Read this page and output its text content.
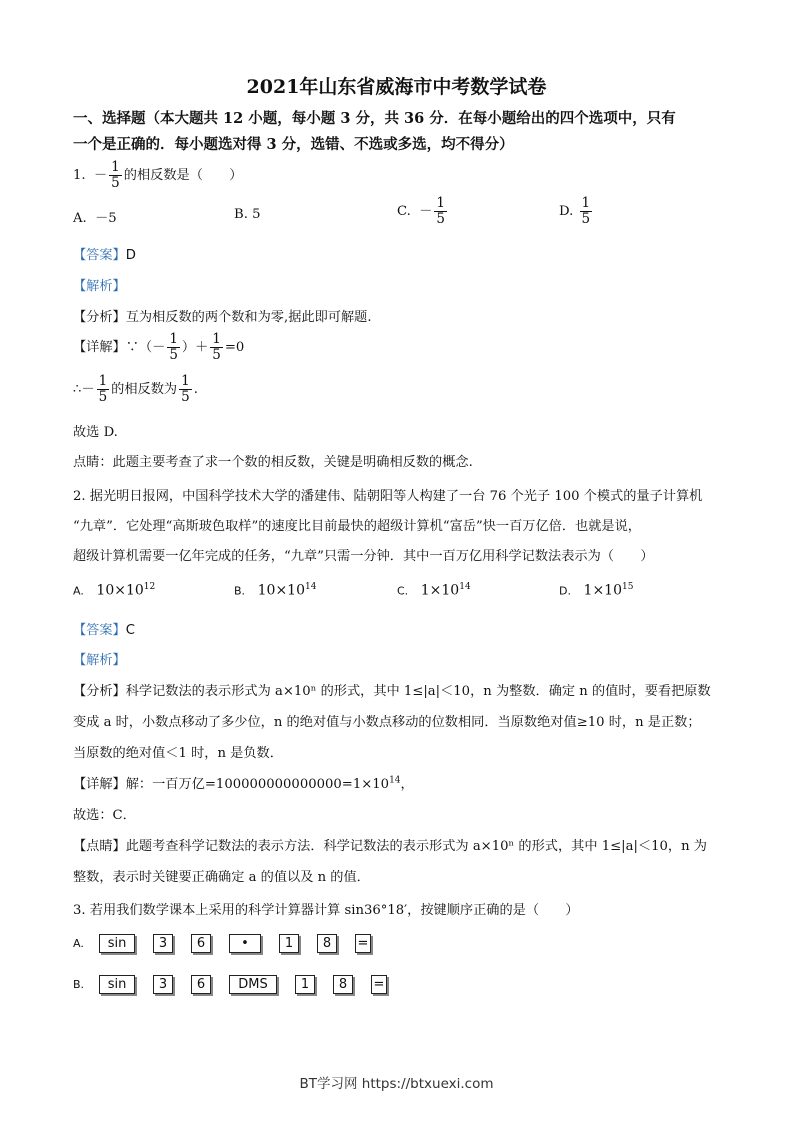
2021年山东省威海市中考数学试卷
一、选择题（本大题共 12 小题，每小题 3 分，共 36 分．在每小题给出的四个选项中，只有
一个是正确的．每小题选对得 3 分，选错、不选或多选，均不得分）
1. － $\frac{1}{5}$ 的相反数是（　　）
A. －5	B. 5	C. － $\frac{1}{5}$	D. $\frac{1}{5}$
【答案】D
【解析】
【分析】互为相反数的两个数和为零,据此即可解题.
【详解】∵（－ $\frac{1}{5}$ ）＋ $\frac{1}{5} =0$
∴－ $\frac{1}{5}$ 的相反数为 $\frac{1}{5}$ .
故选 D.
点睛：此题主要考查了求一个数的相反数，关键是明确相反数的概念.
2. 据光明日报网，中国科学技术大学的潘建伟、陆朝阳等人构建了一台 76 个光子 100 个模式的量子计算机
“九章”．它处理“高斯玻色取样”的速度比目前最快的超级计算机“富岳”快一百万亿倍．也就是说，
超级计算机需要一亿年完成的任务，“九章”只需一分钟．其中一百万亿用科学记数法表示为（　　）
A. $10\times 10^{12}$	B. $10\times 10^{14}$	C. $1\times 10^{14}$	D. $1\times 10^{15}$
【答案】C
【解析】
【分析】科学记数法的表示形式为 a×10ⁿ 的形式，其中 1≤|a|＜10，n 为整数．确定 n 的值时，要看把原数
变成 a 时，小数点移动了多少位，n 的绝对值与小数点移动的位数相同．当原数绝对值≥10 时，n 是正数；
当原数的绝对值＜1 时，n 是负数．
【详解】解：一百万亿$=100000000000000=1\times 10^{14}$，
故选：C．
【点睛】此题考查科学记数法的表示方法．科学记数法的表示形式为 a×10ⁿ 的形式，其中 1≤|a|＜10，n 为
整数，表示时关键要正确确定 a 的值以及 n 的值．
3. 若用我们数学课本上采用的科学计算器计算 sin36°18′，按键顺序正确的是（　　）
A. sin	3 6	•	1 8 =
B. sin	3 6	DMS	1 8 =
BT学习网 https://btxuexi.com
